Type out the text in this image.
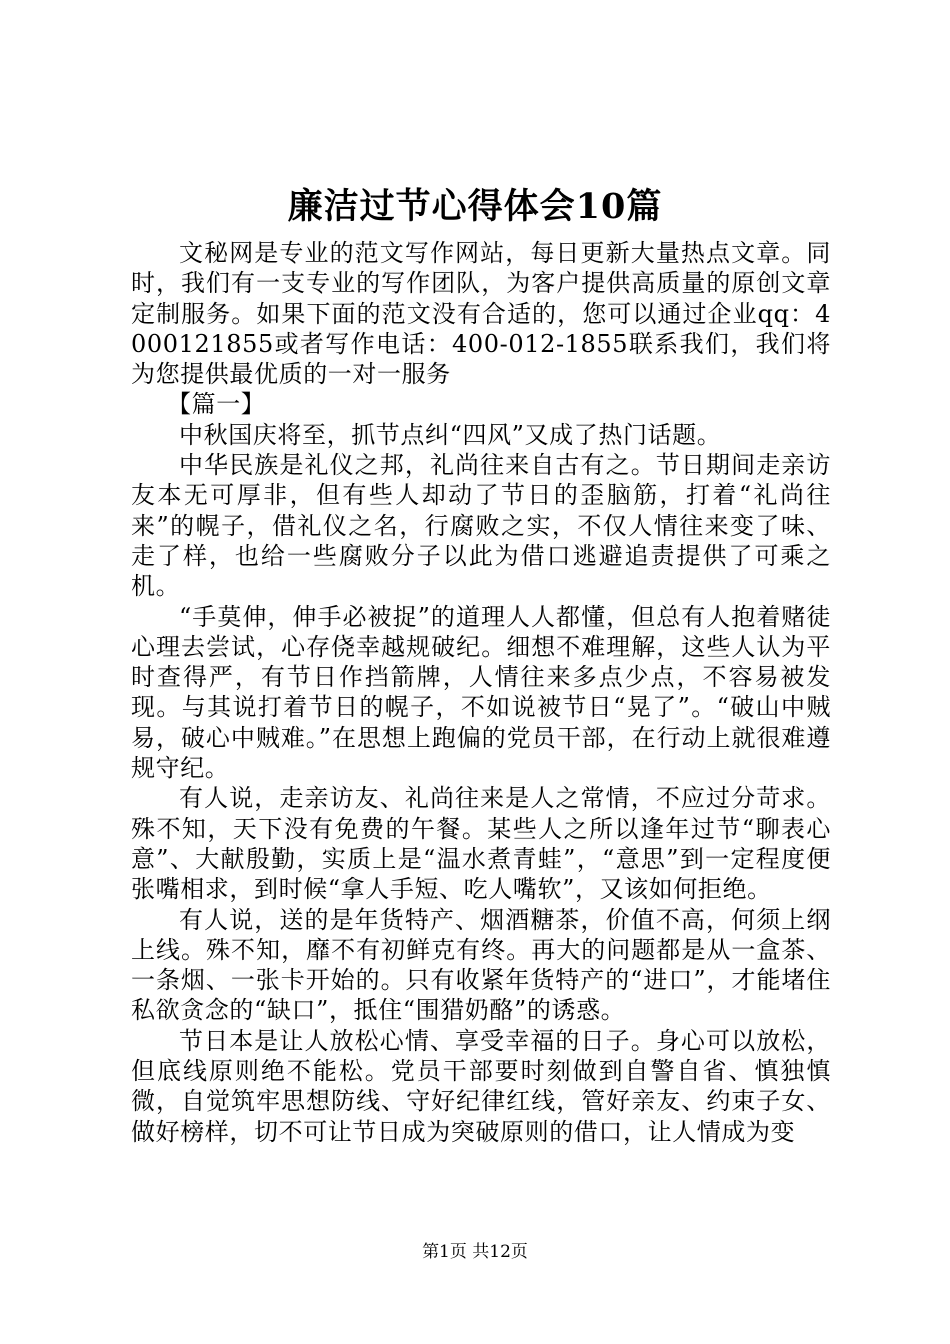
廉洁过节心得体会10篇

文秘网是专业的范文写作网站，每日更新大量热点文章。同时，我们有一支专业的写作团队，为客户提供高质量的原创文章定制服务。如果下面的范文没有合适的，您可以通过企业qq：4000121855或者写作电话：400-012-1855联系我们，我们将为您提供最优质的一对一服务

【篇一】

中秋国庆将至，抓节点纠“四风”又成了热门话题。

中华民族是礼仪之邦，礼尚往来自古有之。节日期间走亲访友本无可厚非，但有些人却动了节日的歪脑筋，打着“礼尚往来”的幌子，借礼仪之名，行腐败之实，不仅人情往来变了味、走了样，也给一些腐败分子以此为借口逃避追责提供了可乘之机。

“手莫伸，伸手必被捉”的道理人人都懂，但总有人抱着赌徒心理去尝试，心存侥幸越规破纪。细想不难理解，这些人认为平时查得严，有节日作挡箭牌，人情往来多点少点，不容易被发现。与其说打着节日的幌子，不如说被节日“晃了”。“破山中贼易，破心中贼难。”在思想上跑偏的党员干部，在行动上就很难遵规守纪。

有人说，走亲访友、礼尚往来是人之常情，不应过分苛求。殊不知，天下没有免费的午餐。某些人之所以逢年过节“聊表心意”、大献殷勤，实质上是“温水煮青蛙”，“意思”到一定程度便张嘴相求，到时候“拿人手短、吃人嘴软”，又该如何拒绝。

有人说，送的是年货特产、烟酒糖茶，价值不高，何须上纲上线。殊不知，靡不有初鲜克有终。再大的问题都是从一盒茶、一条烟、一张卡开始的。只有收紧年货特产的“进口”，才能堵住私欲贪念的“缺口”，抵住“围猎奶酪”的诱惑。

节日本是让人放松心情、享受幸福的日子。身心可以放松，但底线原则绝不能松。党员干部要时刻做到自警自省、慎独慎微，自觉筑牢思想防线、守好纪律红线，管好亲友、约束子女、做好榜样，切不可让节日成为突破原则的借口，让人情成为变

第1页 共12页
